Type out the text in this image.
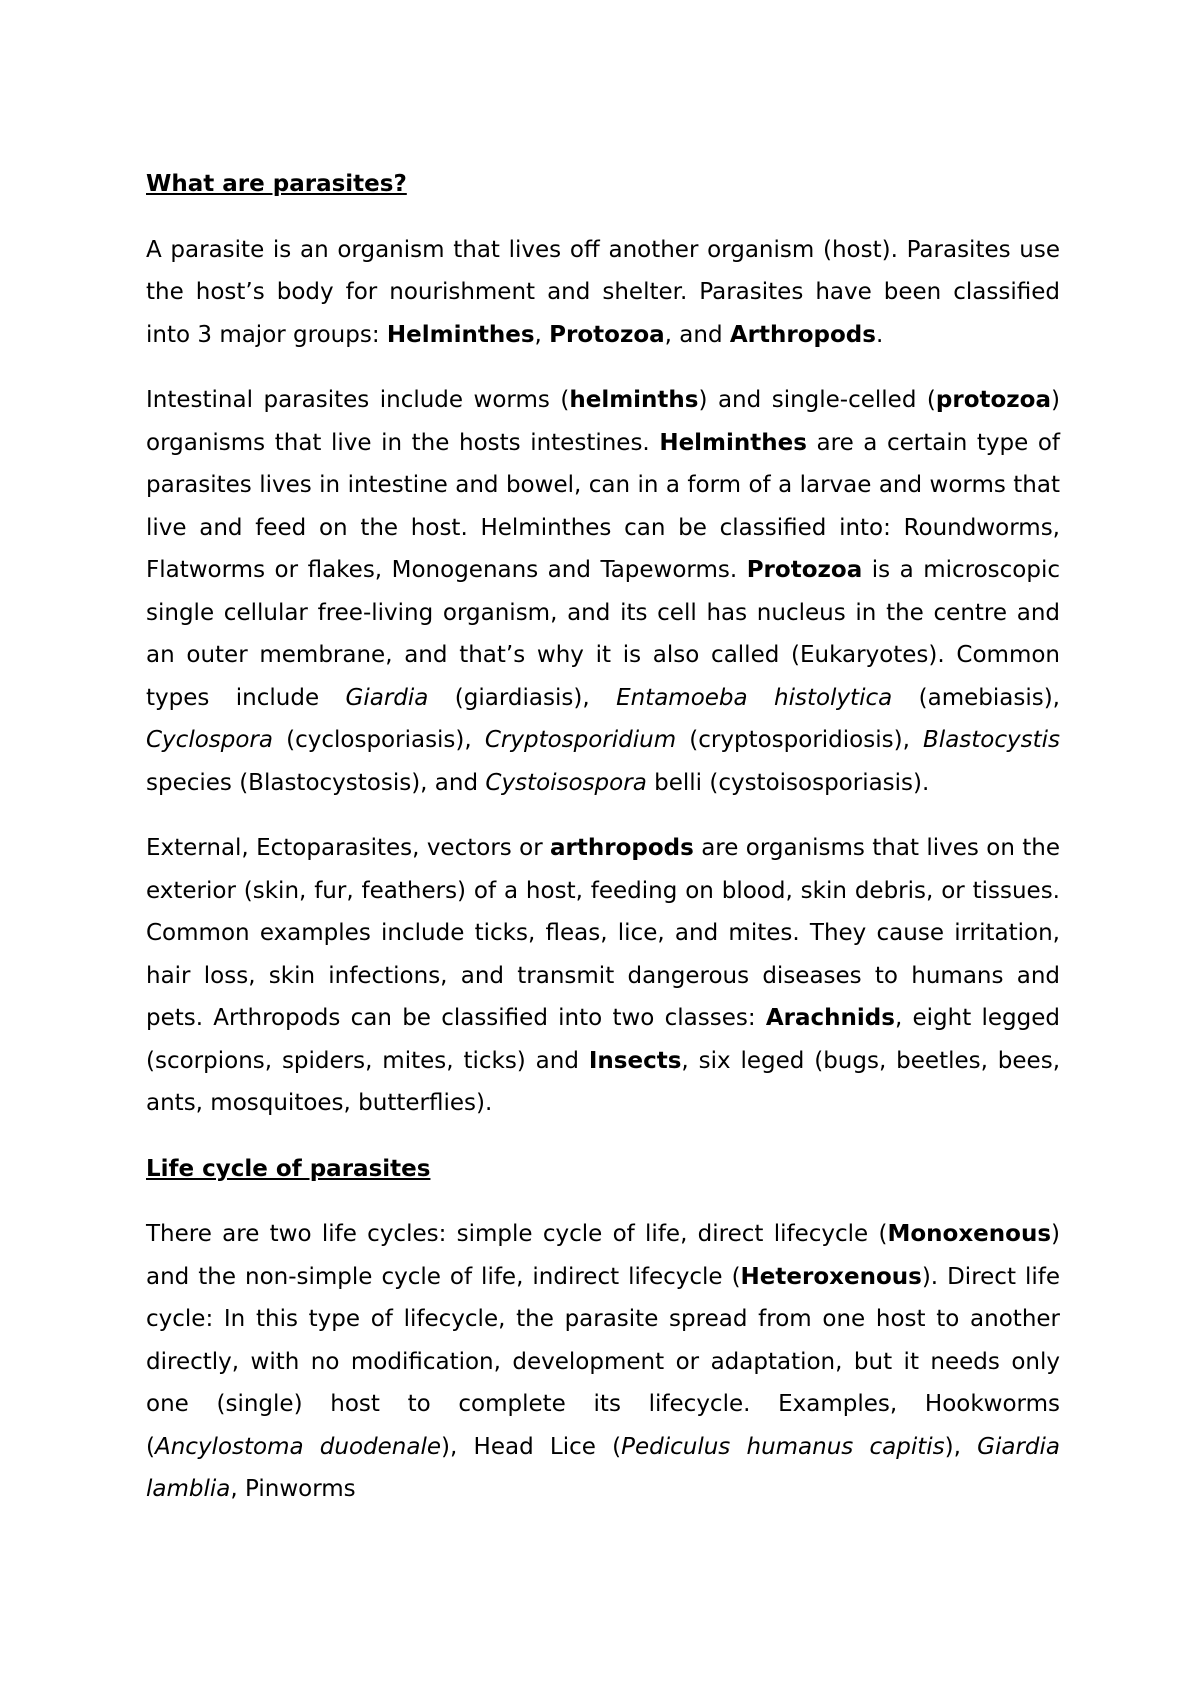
What are parasites?

A parasite is an organism that lives off another organism (host). Parasites use the host’s body for nourishment and shelter. Parasites have been classified into 3 major groups: Helminthes, Protozoa, and Arthropods.

Intestinal parasites include worms (helminths) and single-celled (protozoa) organisms that live in the hosts intestines. Helminthes are a certain type of parasites lives in intestine and bowel, can in a form of a larvae and worms that live and feed on the host. Helminthes can be classified into: Roundworms, Flatworms or flakes, Monogenans and Tapeworms. Protozoa is a microscopic single cellular free-living organism, and its cell has nucleus in the centre and an outer membrane, and that’s why it is also called (Eukaryotes). Common types include Giardia (giardiasis), Entamoeba histolytica (amebiasis), Cyclospora (cyclosporiasis), Cryptosporidium (cryptosporidiosis), Blastocystis species (Blastocystosis), and Cystoisospora belli (cystoisosporiasis).

External, Ectoparasites, vectors or arthropods are organisms that lives on the exterior (skin, fur, feathers) of a host, feeding on blood, skin debris, or tissues. Common examples include ticks, fleas, lice, and mites. They cause irritation, hair loss, skin infections, and transmit dangerous diseases to humans and pets. Arthropods can be classified into two classes: Arachnids, eight legged (scorpions, spiders, mites, ticks) and Insects, six leged (bugs, beetles, bees, ants, mosquitoes, butterflies).

Life cycle of parasites

There are two life cycles: simple cycle of life, direct lifecycle (Monoxenous) and the non-simple cycle of life, indirect lifecycle (Heteroxenous). Direct life cycle: In this type of lifecycle, the parasite spread from one host to another directly, with no modification, development or adaptation, but it needs only one (single) host to complete its lifecycle. Examples, Hookworms (Ancylostoma duodenale), Head Lice (Pediculus humanus capitis), Giardia lamblia, Pinworms
